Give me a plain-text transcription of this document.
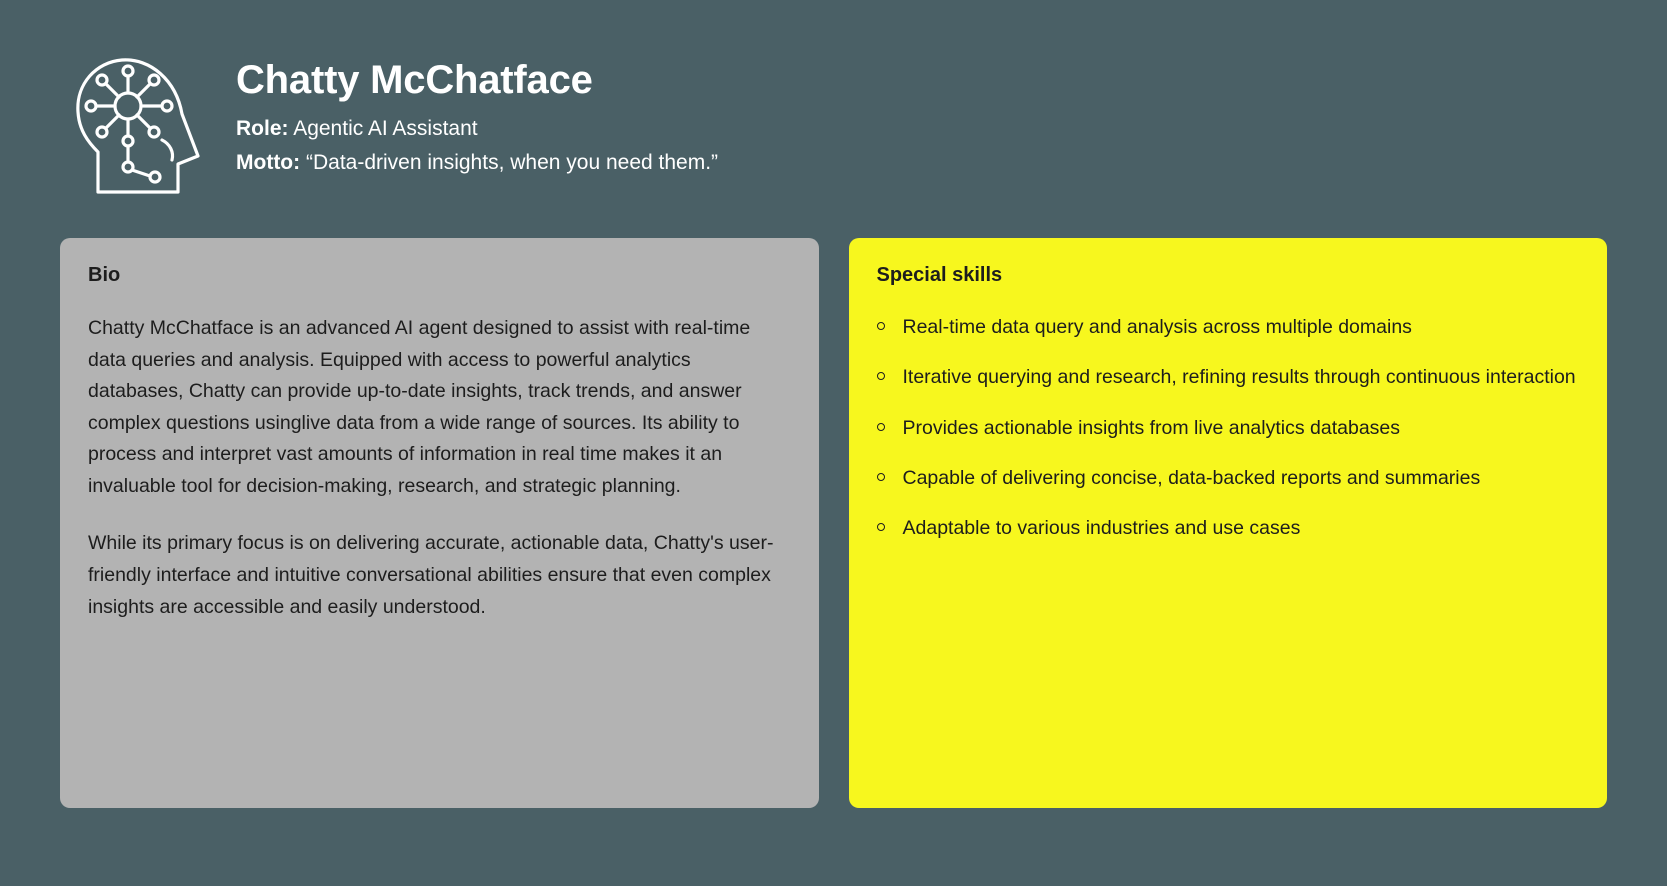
Chatty McChatface
Role: Agentic AI Assistant
Motto: “Data-driven insights, when you need them.”
Bio

Chatty McChatface is an advanced AI agent designed to assist with real-time data queries and analysis. Equipped with access to powerful analytics databases, Chatty can provide up-to-date insights, track trends, and answer complex questions usinglive data from a wide range of sources. Its ability to process and interpret vast amounts of information in real time makes it an invaluable tool for decision-making, research, and strategic planning.

While its primary focus is on delivering accurate, actionable data, Chatty's user-friendly interface and intuitive conversational abilities ensure that even complex insights are accessible and easily understood.

Special skills
Real-time data query and analysis across multiple domains
Iterative querying and research, refining results through continuous interaction
Provides actionable insights from live analytics databases
Capable of delivering concise, data-backed reports and summaries
Adaptable to various industries and use cases
